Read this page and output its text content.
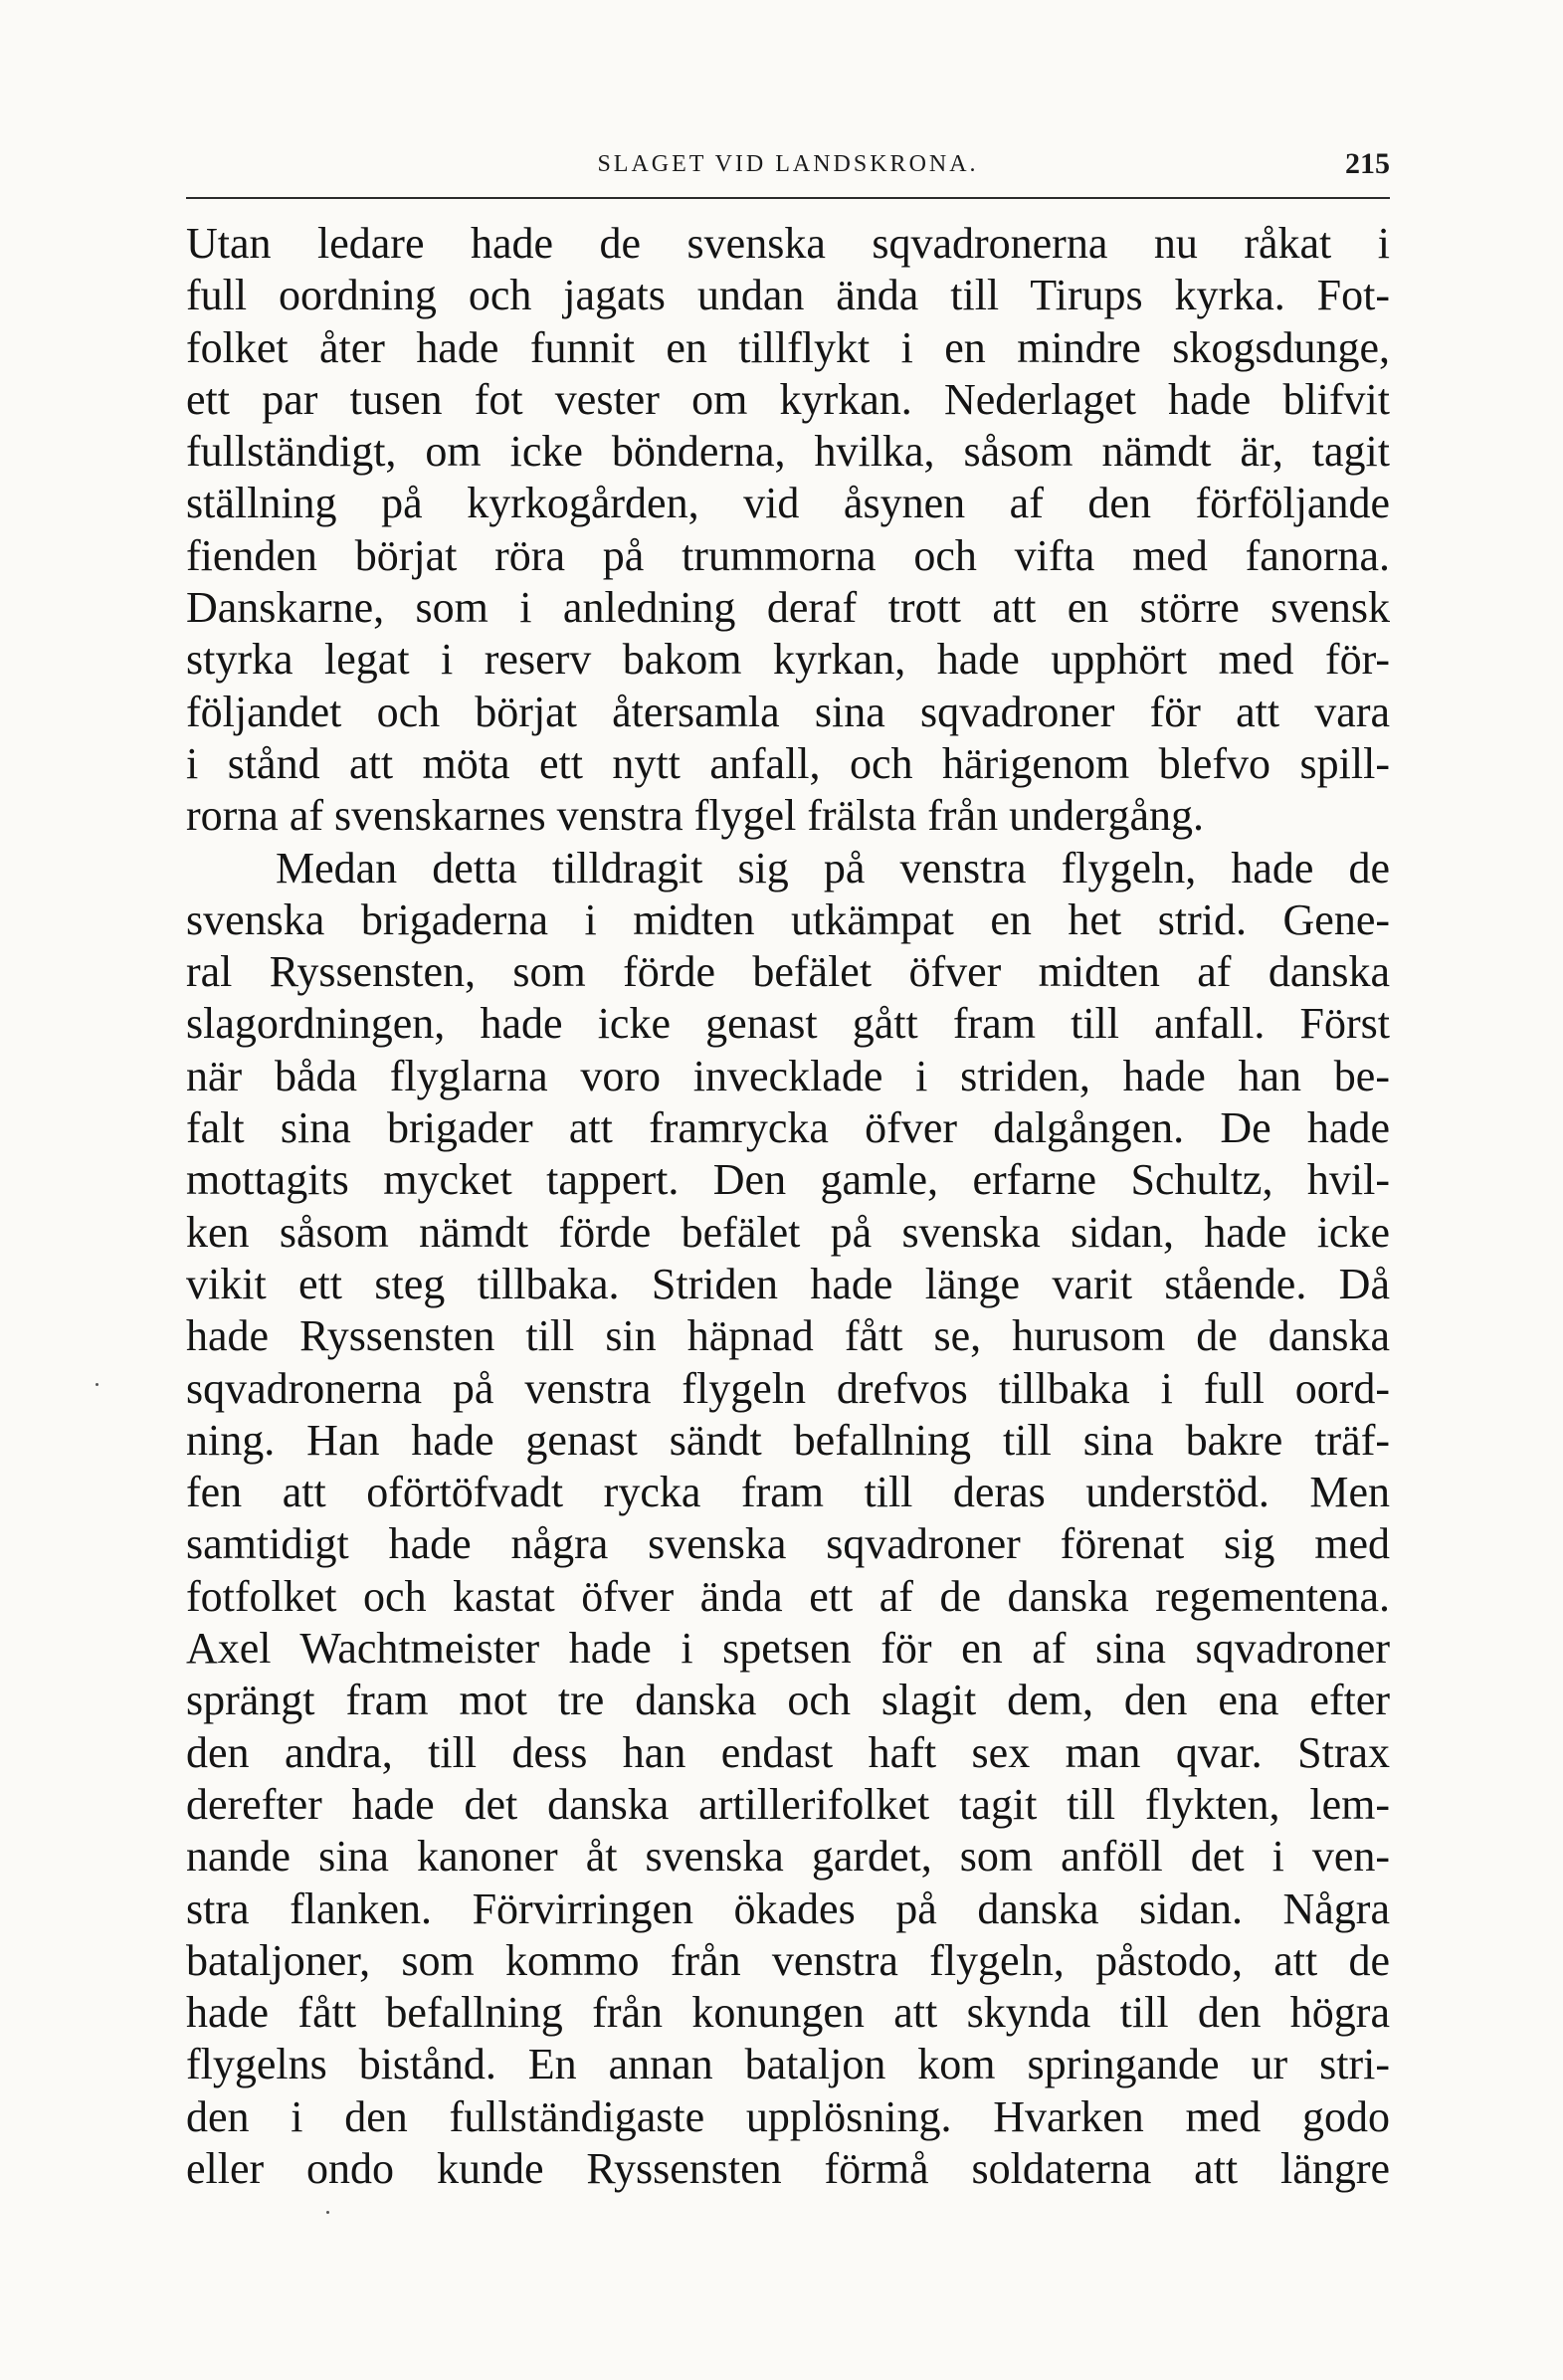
SLAGET VID LANDSKRONA.	215
Utan ledare hade de svenska sqvadronerna nu råkat i
full oordning och jagats undan ända till Tirups kyrka. Fot-
folket åter hade funnit en tillflykt i en mindre skogsdunge,
ett par tusen fot vester om kyrkan. Nederlaget hade blifvit
fullständigt, om icke bönderna, hvilka, såsom nämdt är, tagit
ställning på kyrkogården, vid åsynen af den förföljande
fienden börjat röra på trummorna och vifta med fanorna.
Danskarne, som i anledning deraf trott att en större svensk
styrka legat i reserv bakom kyrkan, hade upphört med för-
följandet och börjat återsamla sina sqvadroner för att vara
i stånd att möta ett nytt anfall, och härigenom blefvo spill-
rorna af svenskarnes venstra flygel frälsta från undergång.
Medan detta tilldragit sig på venstra flygeln, hade de
svenska brigaderna i midten utkämpat en het strid. Gene-
ral Ryssensten, som förde befälet öfver midten af danska
slagordningen, hade icke genast gått fram till anfall. Först
när båda flyglarna voro invecklade i striden, hade han be-
falt sina brigader att framrycka öfver dalgången. De hade
mottagits mycket tappert. Den gamle, erfarne Schultz, hvil-
ken såsom nämdt förde befälet på svenska sidan, hade icke
vikit ett steg tillbaka. Striden hade länge varit stående. Då
hade Ryssensten till sin häpnad fått se, hurusom de danska
sqvadronerna på venstra flygeln drefvos tillbaka i full oord-
ning. Han hade genast sändt befallning till sina bakre träf-
fen att oförtöfvadt rycka fram till deras understöd. Men
samtidigt hade några svenska sqvadroner förenat sig med
fotfolket och kastat öfver ända ett af de danska regementena.
Axel Wachtmeister hade i spetsen för en af sina sqvadroner
sprängt fram mot tre danska och slagit dem, den ena efter
den andra, till dess han endast haft sex man qvar. Strax
derefter hade det danska artillerifolket tagit till flykten, lem-
nande sina kanoner åt svenska gardet, som anföll det i ven-
stra flanken. Förvirringen ökades på danska sidan. Några
bataljoner, som kommo från venstra flygeln, påstodo, att de
hade fått befallning från konungen att skynda till den högra
flygelns bistånd. En annan bataljon kom springande ur stri-
den i den fullständigaste upplösning. Hvarken med godo
eller ondo kunde Ryssensten förmå soldaterna att längre
